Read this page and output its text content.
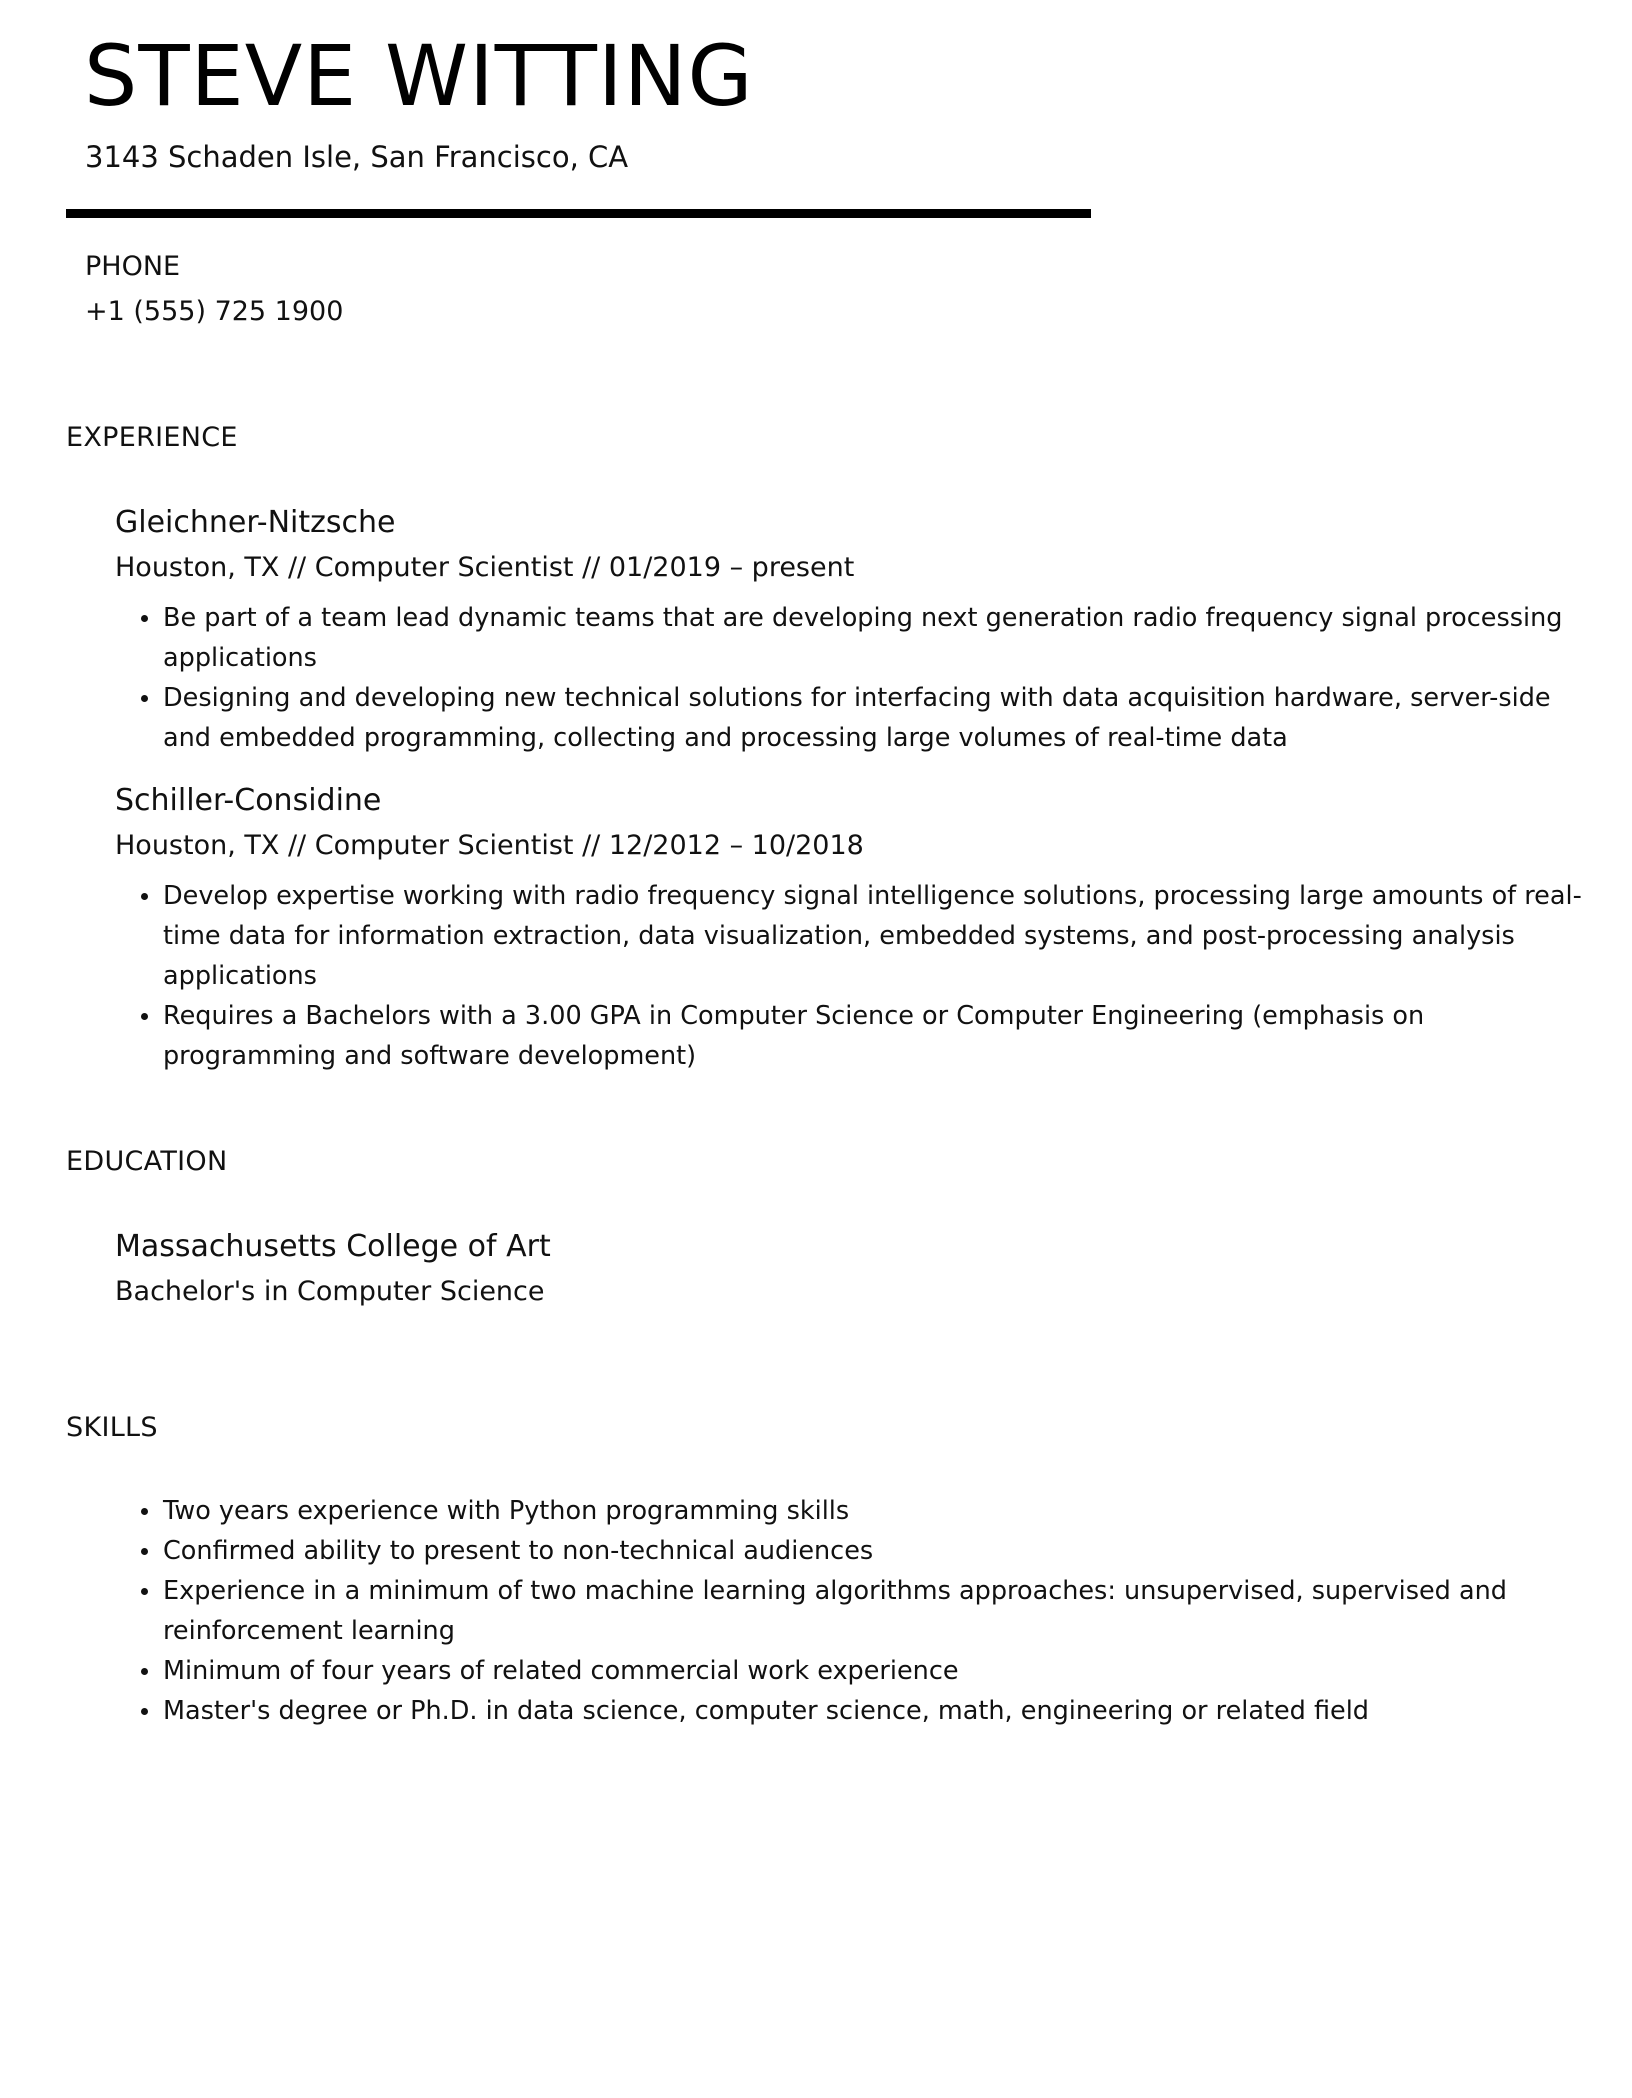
STEVE WITTING
3143 Schaden Isle, San Francisco, CA
PHONE
+1 (555) 725 1900
EXPERIENCE
Gleichner-Nitzsche
Houston, TX // Computer Scientist // 01/2019 – present
Be part of a team lead dynamic teams that are developing next generation radio frequency signal processing applications
Designing and developing new technical solutions for interfacing with data acquisition hardware, server-side and embedded programming, collecting and processing large volumes of real-time data
Schiller-Considine
Houston, TX // Computer Scientist // 12/2012 – 10/2018
Develop expertise working with radio frequency signal intelligence solutions, processing large amounts of real-time data for information extraction, data visualization, embedded systems, and post-processing analysis applications
Requires a Bachelors with a 3.00 GPA in Computer Science or Computer Engineering (emphasis on programming and software development)
EDUCATION
Massachusetts College of Art
Bachelor's in Computer Science
SKILLS
Two years experience with Python programming skills
Confirmed ability to present to non-technical audiences
Experience in a minimum of two machine learning algorithms approaches: unsupervised, supervised and reinforcement learning
Minimum of four years of related commercial work experience
Master's degree or Ph.D. in data science, computer science, math, engineering or related field
